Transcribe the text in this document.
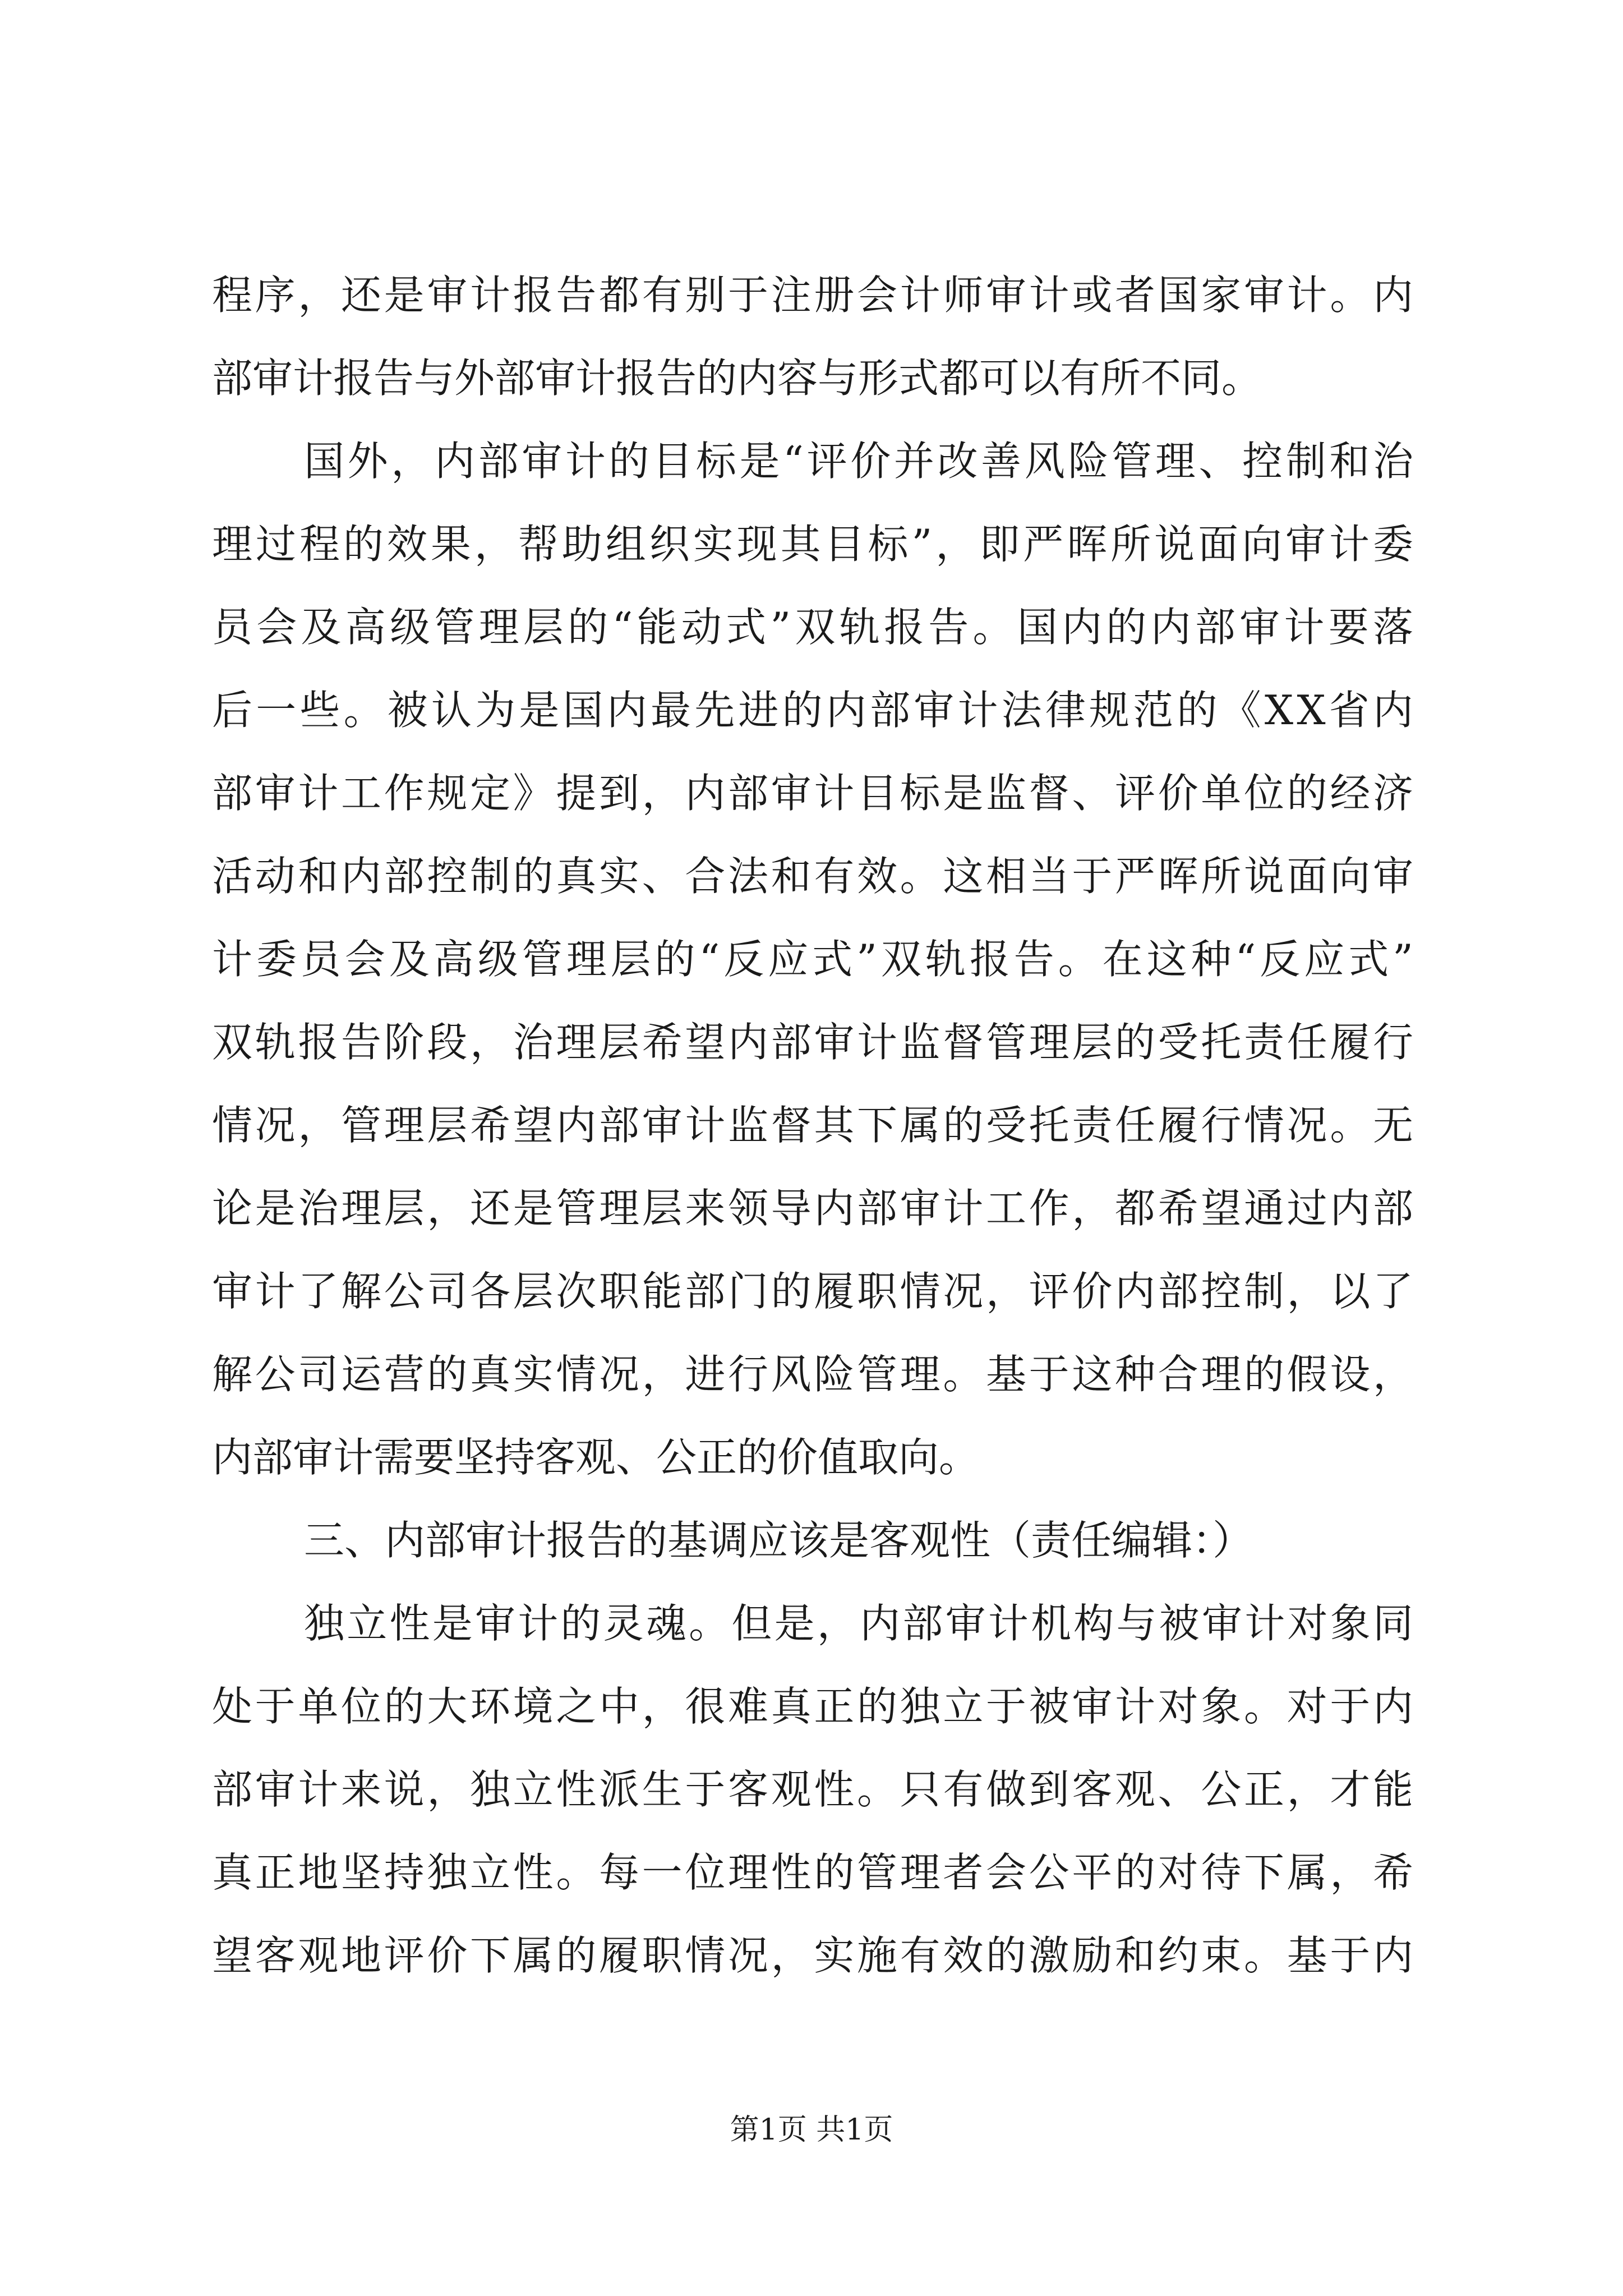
程序，还是审计报告都有别于注册会计师审计或者国家审计。内
部审计报告与外部审计报告的内容与形式都可以有所不同。
国外，内部审计的目标是“评价并改善风险管理、控制和治
理过程的效果，帮助组织实现其目标”，即严晖所说面向审计委
员会及高级管理层的“能动式”双轨报告。国内的内部审计要落
后一些。被认为是国内最先进的内部审计法律规范的《XX省内
部审计工作规定》提到，内部审计目标是监督、评价单位的经济
活动和内部控制的真实、合法和有效。这相当于严晖所说面向审
计委员会及高级管理层的“反应式”双轨报告。在这种“反应式”
双轨报告阶段，治理层希望内部审计监督管理层的受托责任履行
情况，管理层希望内部审计监督其下属的受托责任履行情况。无
论是治理层，还是管理层来领导内部审计工作，都希望通过内部
审计了解公司各层次职能部门的履职情况，评价内部控制，以了
解公司运营的真实情况，进行风险管理。基于这种合理的假设，
内部审计需要坚持客观、公正的价值取向。
三、内部审计报告的基调应该是客观性（责任编辑：）
独立性是审计的灵魂。但是，内部审计机构与被审计对象同
处于单位的大环境之中，很难真正的独立于被审计对象。对于内
部审计来说，独立性派生于客观性。只有做到客观、公正，才能
真正地坚持独立性。每一位理性的管理者会公平的对待下属，希
望客观地评价下属的履职情况，实施有效的激励和约束。基于内
第1页 共1页
